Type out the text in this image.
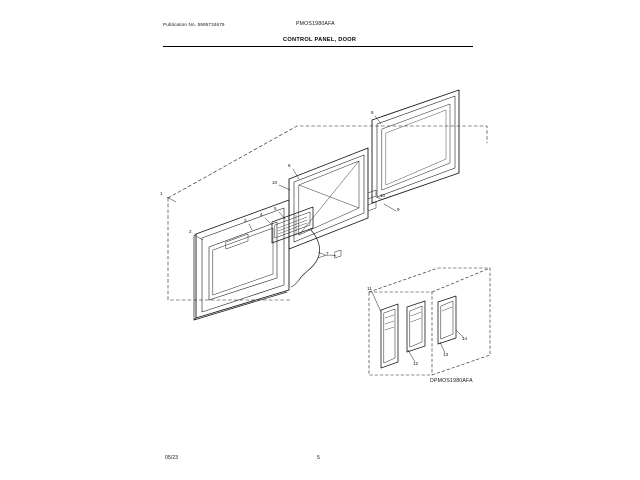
Publication No. 5995734679	PMOS1980AFA
CONTROL PANEL, DOOR
1
2
3
4
5
6
7
8
9
10
10
11
12
13
14
DPMOS1980AFA
05/23	5
